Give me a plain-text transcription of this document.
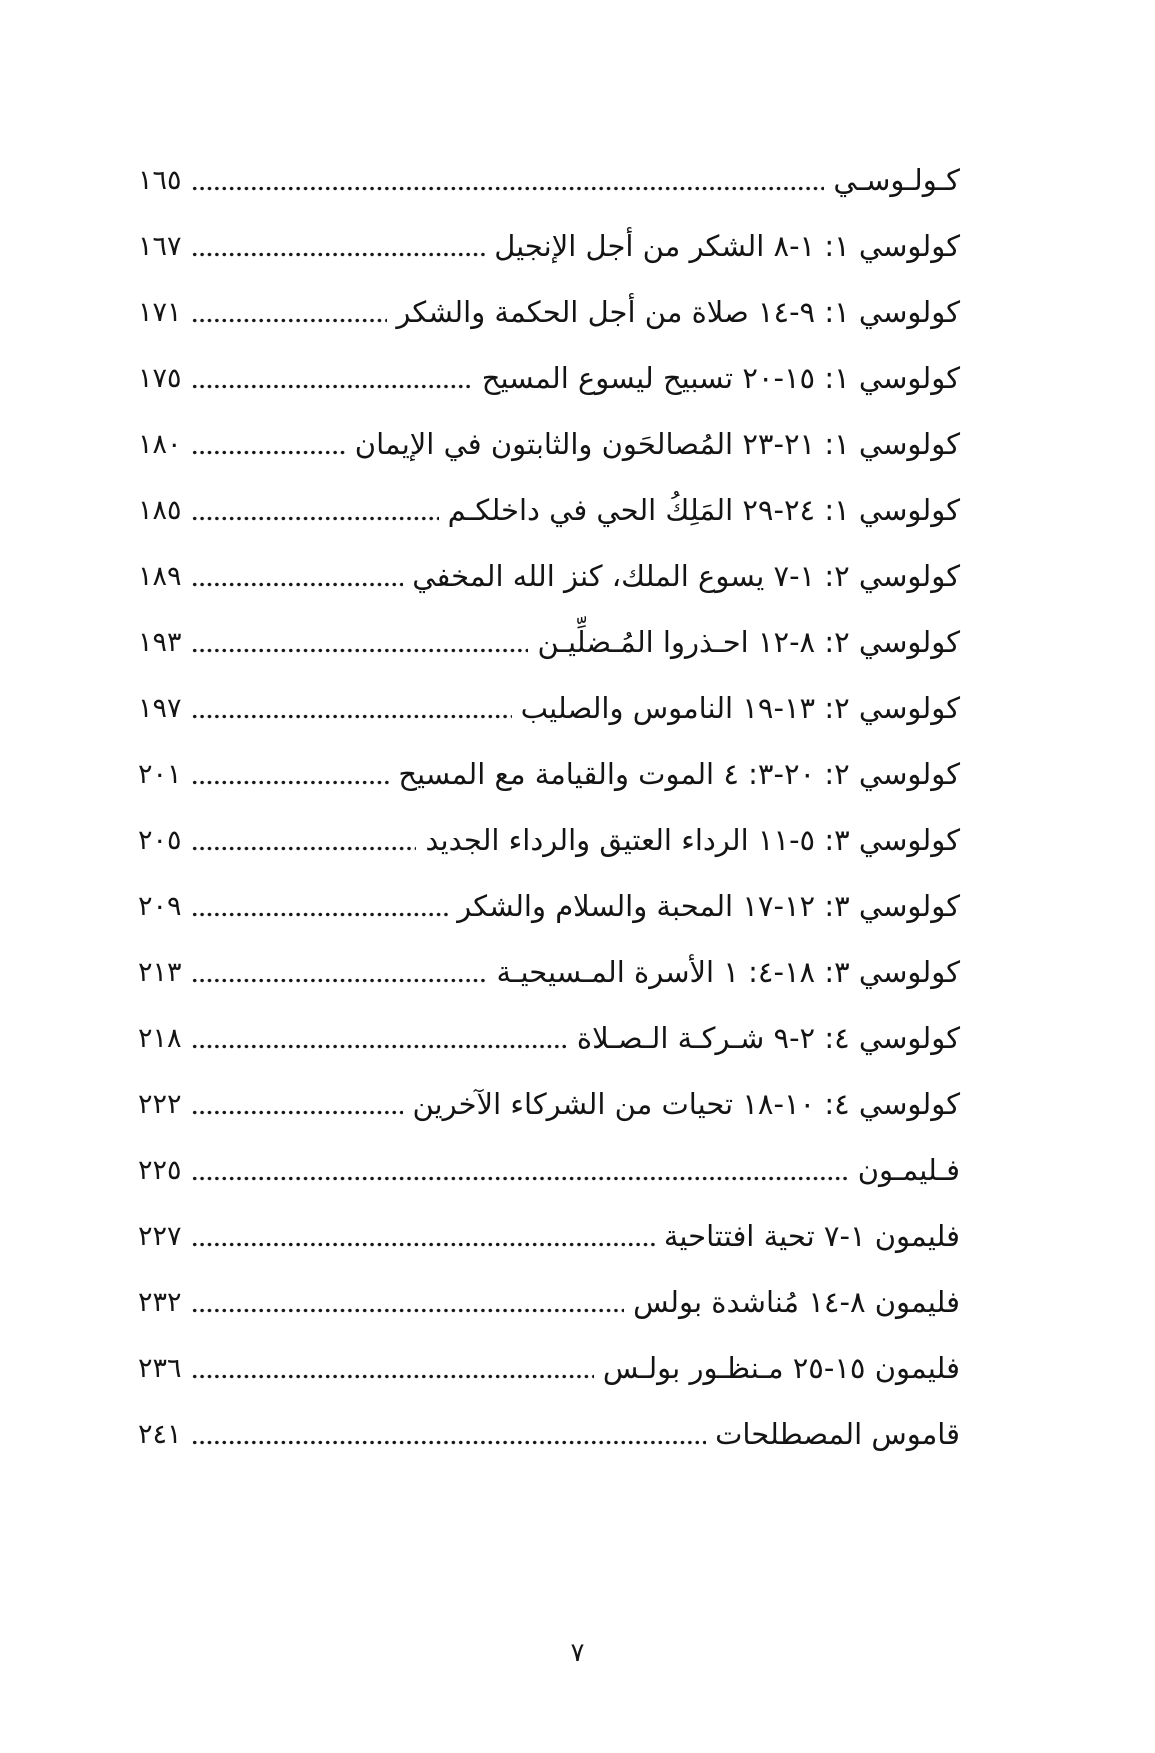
كـولـوسـي
١٦٥
كولوسي ١: ١-٨ الشكر من أجل الإنجيل
١٦٧
كولوسي ١: ٩-١٤ صلاة من أجل الحكمة والشكر
١٧١
كولوسي ١: ١٥-٢٠ تسبيح ليسوع المسيح
١٧٥
كولوسي ١: ٢١-٢٣ المُصالحَون والثابتون في الإيمان
١٨٠
كولوسي ١: ٢٤-٢٩ المَلِكُ الحي في داخلكـم
١٨٥
كولوسي ٢: ١-٧ يسوع الملك، كنز الله المخفي
١٨٩
كولوسي ٢: ٨-١٢ احـذروا المُـضلِّيـن
١٩٣
كولوسي ٢: ١٣-١٩ الناموس والصليب
١٩٧
كولوسي ٢: ٢٠-٣: ٤ الموت والقيامة مع المسيح
٢٠١
كولوسي ٣: ٥-١١ الرداء العتيق والرداء الجديد
٢٠٥
كولوسي ٣: ١٢-١٧ المحبة والسلام والشكر
٢٠٩
كولوسي ٣: ١٨-٤: ١ الأسرة المـسيحيـة
٢١٣
كولوسي ٤: ٢-٩ شـركـة الـصـلاة
٢١٨
كولوسي ٤: ١٠-١٨ تحيات من الشركاء الآخرين
٢٢٢
فـليمـون
٢٢٥
فليمون ١-٧ تحية افتتاحية
٢٢٧
فليمون ٨-١٤ مُناشدة بولس
٢٣٢
فليمون ١٥-٢٥ مـنظـور بولـس
٢٣٦
قاموس المصطلحات
٢٤١
٧
